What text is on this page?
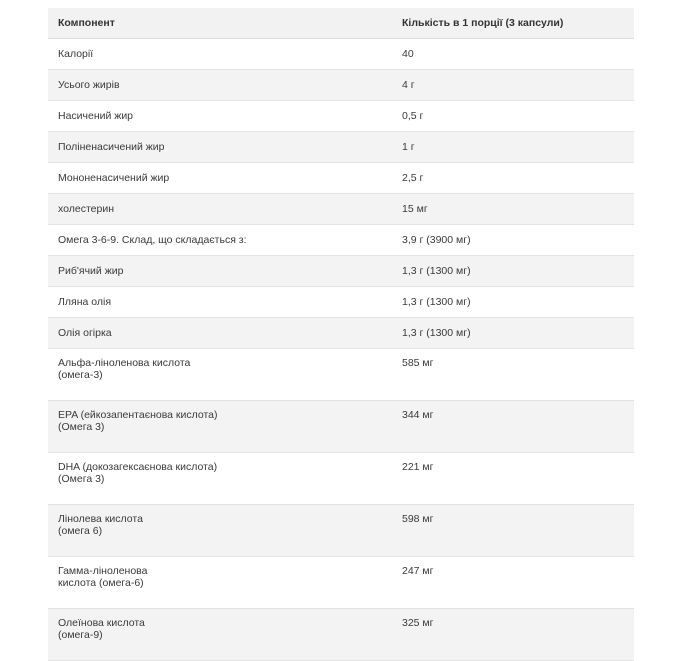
Компонент	Кількість в 1 порції (3 капсули)
Калорії	40
Усього жирів	4 г
Насичений жир	0,5 г
Поліненасичений жир	1 г
Мононенасичений жир	2,5 г
холестерин	15 мг
Омега 3-6-9. Склад, що складається з:	3,9 г (3900 мг)
Риб'ячий жир	1,3 г (1300 мг)
Лляна олія	1,3 г (1300 мг)
Олія огірка	1,3 г (1300 мг)

Альфа-ліноленова кислота
(омега-3)	585 мг

EPA (ейкозапентаєнова кислота)
(Омега 3)	344 мг

DHA (докозагексаєнова кислота)
(Омега 3)	221 мг

Лінолева кислота
(омега 6)	598 мг

Гамма-ліноленова
кислота (омега-6)	247 мг

Олеїнова кислота
(омега-9)	325 мг
